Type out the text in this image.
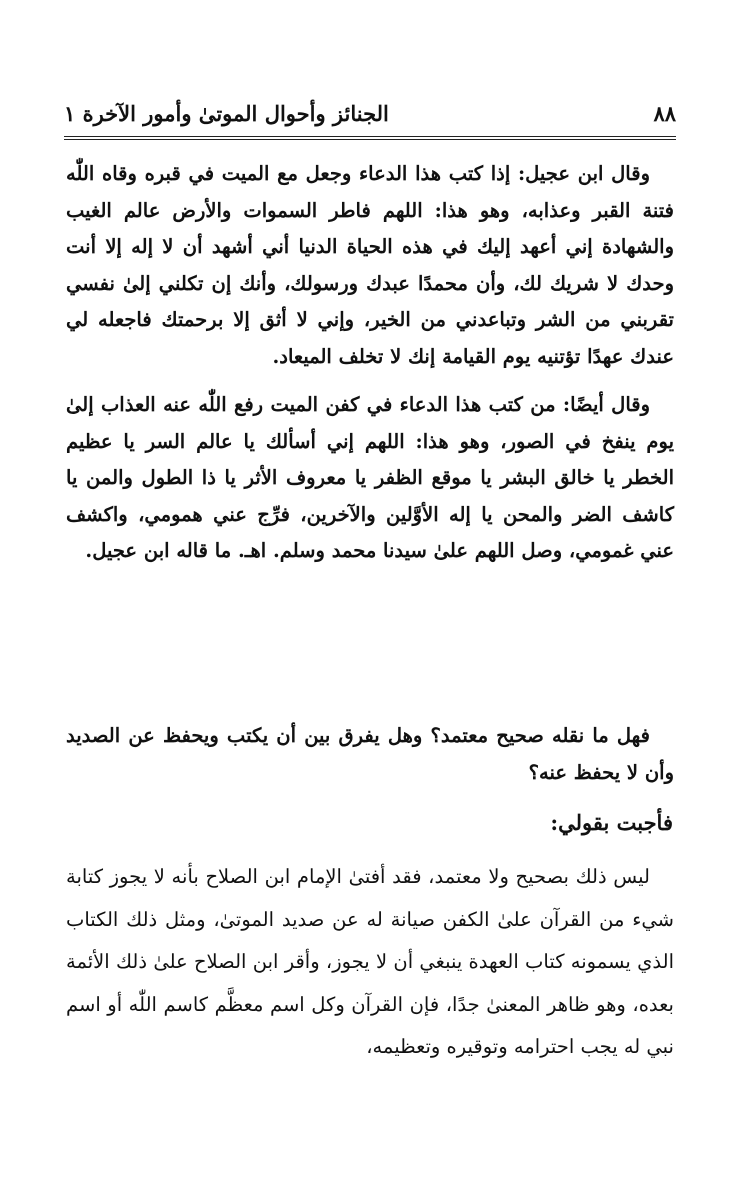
٨٨
الجنائز وأحوال الموتىٰ وأمور الآخرة ١

وقال ابن عجيل: إذا كتب هذا الدعاء وجعل مع الميت في قبره وقاه اللّٰه فتنة القبر وعذابه، وهو هذا: اللهم فاطر السموات والأرض عالم الغيب والشهادة إني أعهد إليك في هذه الحياة الدنيا أني أشهد أن لا إله إلا أنت وحدك لا شريك لك، وأن محمدًا عبدك ورسولك، وأنك إن تكلني إلىٰ نفسي تقربني من الشر وتباعدني من الخير، وإني لا أثق إلا برحمتك فاجعله لي عندك عهدًا تؤتنيه يوم القيامة إنك لا تخلف الميعاد.

وقال أيضًا: من كتب هذا الدعاء في كفن الميت رفع اللّٰه عنه العذاب إلىٰ يوم ينفخ في الصور، وهو هذا: اللهم إني أسألك يا عالم السر يا عظيم الخطر يا خالق البشر يا موقع الظفر يا معروف الأثر يا ذا الطول والمن يا كاشف الضر والمحن يا إله الأوَّلين والآخرين، فرِّج عني همومي، واكشف عني غمومي، وصل اللهم علىٰ سيدنا محمد وسلم. اهـ. ما قاله ابن عجيل.

فهل ما نقله صحيح معتمد؟ وهل يفرق بين أن يكتب ويحفظ عن الصديد وأن لا يحفظ عنه؟
فأجبت بقولي:
ليس ذلك بصحيح ولا معتمد، فقد أفتىٰ الإمام ابن الصلاح بأنه لا يجوز كتابة شيء من القرآن علىٰ الكفن صيانة له عن صديد الموتىٰ، ومثل ذلك الكتاب الذي يسمونه كتاب العهدة ينبغي أن لا يجوز، وأقر ابن الصلاح علىٰ ذلك الأئمة بعده، وهو ظاهر المعنىٰ جدًا، فإن القرآن وكل اسم معظَّم كاسم اللّٰه أو اسم نبي له يجب احترامه وتوقيره وتعظيمه،
